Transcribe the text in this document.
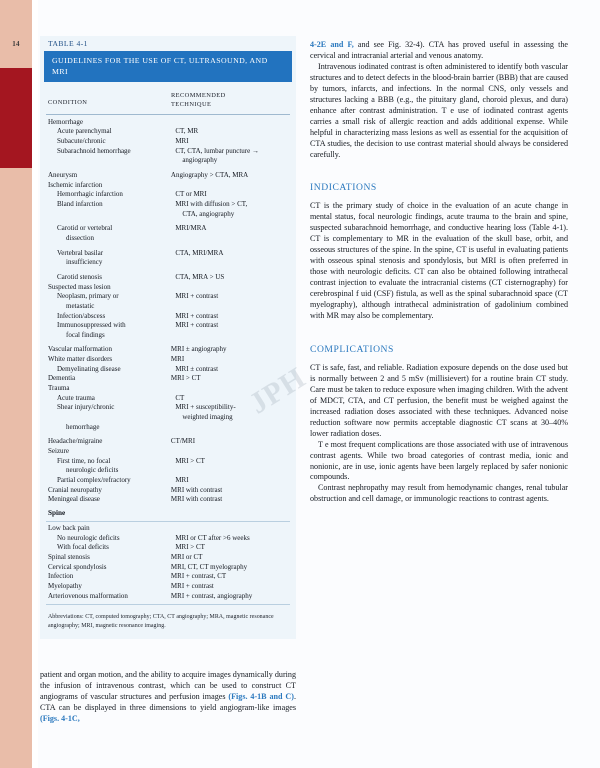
14	TABLE 4-1
GUIDELINES FOR THE USE OF CT, ULTRASOUND, AND MRI
CONDITION
RECOMMENDED
TECHNIQUE
Hemorrhage
Acute parenchymal	CT, MR
Subacute/chronic	MRI
Subarachnoid hemorrhage	CT, CTA, lumbar puncture →
angiography
Aneurysm	Angiography > CTA, MRA
Ischemic infarction
Hemorrhagic infarction	CT or MRI
Bland infarction	MRI with diffusion > CT,
CTA, angiography
Carotid or vertebral	MRI/MRA
dissection
Vertebral basilar	CTA, MRI/MRA
insufficiency
Carotid stenosis	CTA, MRA > US
Suspected mass lesion
Neoplasm, primary or	MRI + contrast
metastatic
Infection/abscess	MRI + contrast
Immunosuppressed with	MRI + contrast
focal findings
Vascular malformation	MRI ± angiography
White matter disorders	MRI
Demyelinating disease	MRI ± contrast
Dementia	MRI > CT
Trauma
Acute trauma	CT
Shear injury/chronic	MRI + susceptibility-
weighted imaging
hemorrhage
Headache/migraine	CT/MRI
Seizure
First time, no focal	MRI > CT
neurologic deficits
Partial complex/refractory	MRI
Cranial neuropathy	MRI with contrast
Meningeal disease	MRI with contrast
Spine
Low back pain
No neurologic deficits	MRI or CT after >6 weeks
With focal deficits	MRI > CT
Spinal stenosis	MRI or CT
Cervical spondylosis	MRI, CT, CT myelography
Infection	MRI + contrast, CT
Myelopathy	MRI + contrast
Arteriovenous malformation	MRI + contrast, angiography
Abbreviations: CT, computed tomography; CTA, CT angiography; MRA, magnetic resonance angiography; MRI, magnetic resonance imaging.

patient and organ motion, and the ability to acquire images dynamically during the infusion of intravenous contrast, which can be used to construct CT angiograms of vascular structures and perfusion images (Figs. 4-1B and C). CTA can be displayed in three dimensions to yield angiogram-like images (Figs. 4-1C,

4-2E and F, and see Fig. 32-4). CTA has proved useful in assessing the cervical and intracranial arterial and venous anatomy.

Intravenous iodinated contrast is often administered to identify both vascular structures and to detect defects in the blood-brain barrier (BBB) that are caused by tumors, infarcts, and infections. In the normal CNS, only vessels and structures lacking a BBB (e.g., the pituitary gland, choroid plexus, and dura) enhance after contrast administration. T e use of iodinated contrast agents carries a small risk of allergic reaction and adds additional expense. While helpful in characterizing mass lesions as well as essential for the acquisition of CTA studies, the decision to use contrast material should always be considered carefully.

INDICATIONS

CT is the primary study of choice in the evaluation of an acute change in mental status, focal neurologic findings, acute trauma to the brain and spine, suspected subarachnoid hemorrhage, and conductive hearing loss (Table 4-1). CT is complementary to MR in the evaluation of the skull base, orbit, and osseous structures of the spine. In the spine, CT is useful in evaluating patients with osseous spinal stenosis and spondylosis, but MRI is often preferred in those with neurologic deficits. CT can also be obtained following intrathecal contrast injection to evaluate the intracranial cisterns (CT cisternography) for cerebrospinal f uid (CSF) fistula, as well as the spinal subarachnoid space (CT myelography), although intrathecal administration of gadolinium combined with MR may also be complementary.

COMPLICATIONS

CT is safe, fast, and reliable. Radiation exposure depends on the dose used but is normally between 2 and 5 mSv (millisievert) for a routine brain CT study. Care must be taken to reduce exposure when imaging children. With the advent of MDCT, CTA, and CT perfusion, the benefit must be weighed against the increased radiation doses associated with these techniques. Advanced noise reduction software now permits acceptable diagnostic CT scans at 30–40% lower radiation doses.

T e most frequent complications are those associated with use of intravenous contrast agents. While two broad categories of contrast media, ionic and nonionic, are in use, ionic agents have been largely replaced by safer nonionic compounds.

Contrast nephropathy may result from hemodynamic changes, renal tubular obstruction and cell damage, or immunologic reactions to contrast agents.

JPH
